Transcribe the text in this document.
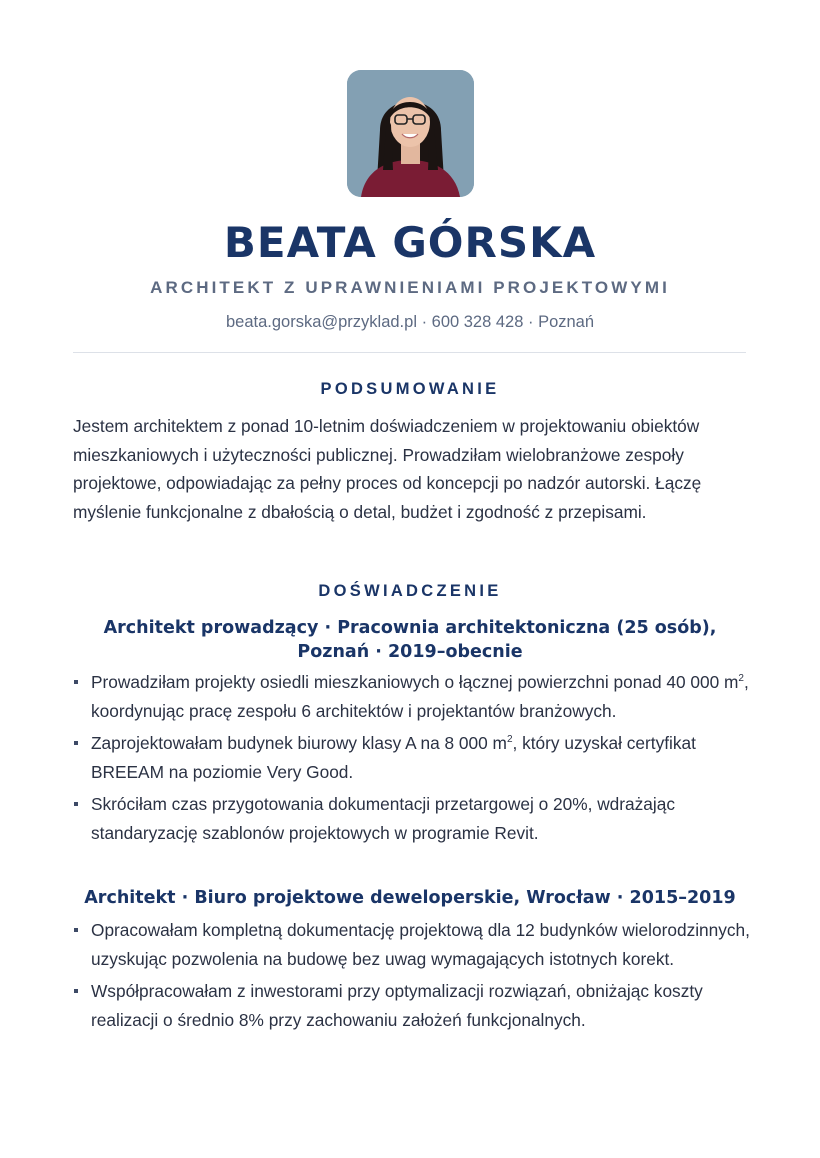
BEATA GÓRSKA
ARCHITEKT Z UPRAWNIENIAMI PROJEKTOWYMI
beata.gorska@przyklad.pl · 600 328 428 · Poznań
PODSUMOWANIE

Jestem architektem z ponad 10-letnim doświadczeniem w projektowaniu obiektów mieszkaniowych i użyteczności publicznej. Prowadziłam wielobranżowe zespoły projektowe, odpowiadając za pełny proces od koncepcji po nadzór autorski. Łączę myślenie funkcjonalne z dbałością o detal, budżet i zgodność z przepisami.

DOŚWIADCZENIE
Architekt prowadzący · Pracownia architektoniczna (25 osób),
Poznań · 2019–obecnie
Prowadziłam projekty osiedli mieszkaniowych o łącznej powierzchni ponad 40 000 $m^2$, koordynując pracę zespołu 6 architektów i projektantów branżowych.
Zaprojektowałam budynek biurowy klasy A na 8 000 $m^2$, który uzyskał certyfikat BREEAM na poziomie Very Good.
Skróciłam czas przygotowania dokumentacji przetargowej o 20%, wdrażając standaryzację szablonów projektowych w programie Revit.
Architekt · Biuro projektowe deweloperskie, Wrocław · 2015–2019
Opracowałam kompletną dokumentację projektową dla 12 budynków wielorodzinnych, uzyskując pozwolenia na budowę bez uwag wymagających istotnych korekt.
Współpracowałam z inwestorami przy optymalizacji rozwiązań, obniżając koszty realizacji o średnio 8% przy zachowaniu założeń funkcjonalnych.
